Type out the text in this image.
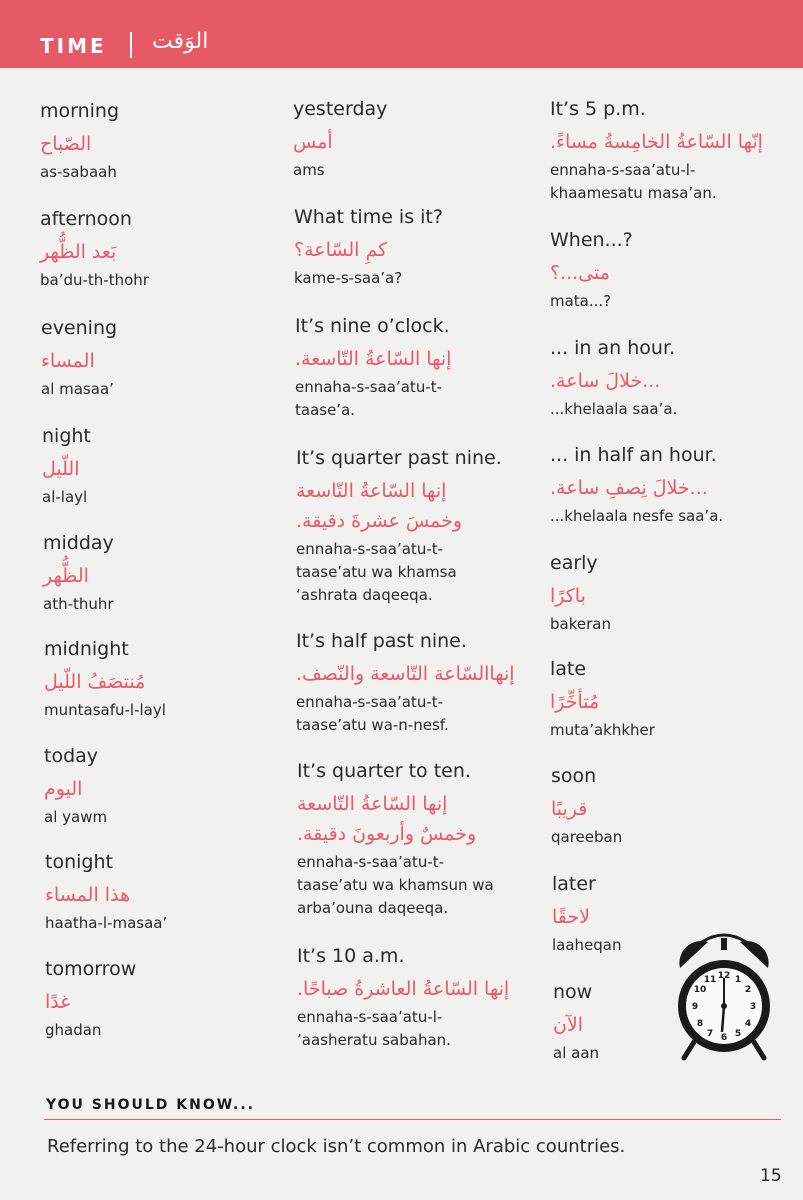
TIME الوَقت
morning
الصّباح
as-sabaah
afternoon
بَعد الظُّهر
ba’du-th-thohr
evening
المساء
al masaa’
night
اللّيل
al-layl
midday
الظُّهر
ath-thuhr
midnight
مُنتصَفُ اللّيل
muntasafu-l-layl
today
اليوم
al yawm
tonight
هذا المساء
haatha-l-masaa’
tomorrow
غدًا
ghadan
yesterday
أمس
ams
What time is it?
كمِ السّاعة؟
kame-s-saa’a?
It’s nine o’clock.
إنها السّاعةُ التّاسعة.
ennaha-s-saa’atu-t-
taase’a.
It’s quarter past nine.
إنها السّاعةُ التّاسعة
وخمسَ عشرةَ دقيقة.
ennaha-s-saa’atu-t-
taase’atu wa khamsa
‘ashrata daqeeqa.
It’s half past nine.
إنهاالسّاعة التّاسعة والنّصف.
ennaha-s-saa’atu-t-
taase’atu wa-n-nesf.
It’s quarter to ten.
إنها السّاعةُ التّاسعة
وخمسٌ وأربعونَ دقيقة.
ennaha-s-saa’atu-t-
taase’atu wa khamsun wa
arba’ouna daqeeqa.
It’s 10 a.m.
إنها السّاعةُ العاشرةُ صباحًا.
ennaha-s-saa’atu-l-
’aasheratu sabahan.
It’s 5 p.m.
إنّها السّاعةُ الخامِسةُ مساءً.
ennaha-s-saa’atu-l-
khaamesatu masa’an.
When...?
متى...؟
mata...?
... in an hour.
...خلالَ ساعة.
...khelaala saa’a.
... in half an hour.
...خلالَ نِصفِ ساعة.
...khelaala nesfe saa’a.
early
باكرًا
bakeran
late
مُتأخِّرًا
muta’akhkher
soon
قريبًا
qareeban
later
لاحقًا
laaheqan
now
الآن
al aan
12 1
2
3
4
5
6
7
8
9
10
11
YOU SHOULD KNOW...
Referring to the 24-hour clock isn’t common in Arabic countries.
15
